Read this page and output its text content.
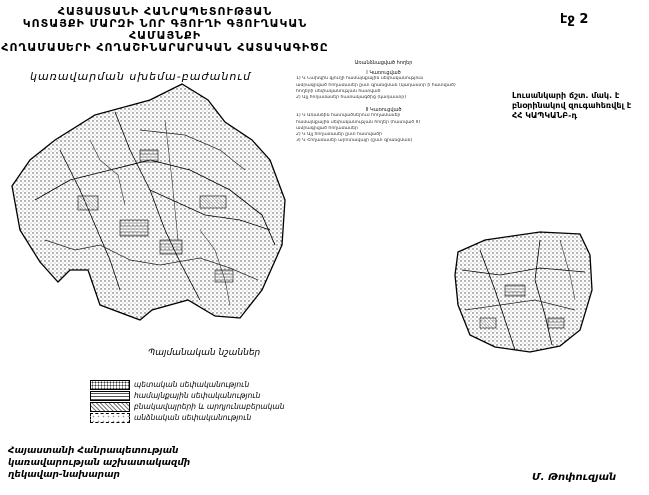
ՀԱՅԱՍՏԱՆԻ ՀԱՆՐԱՊԵՏՈՒԹՅԱՆ
ԿՈՏԱՅՔԻ ՄԱՐԶԻ ՆՈՐ ԳՅՈՒՂԻ ԳՅՈՒՂԱԿԱՆ ՀԱՄԱՅՆՔԻ
ՀՈՂԱՄԱՍԵՐԻ ՀՈՂԱՇԻՆԱՐԱՐԱԿԱՆ ՀԱՏԱԿԱԳԻԾԸ
էջ 2
կառավարման սխեմա-բաժանում
Առանձնացված հողեր
I Կառուցված
1) Կ Նախկին գյուղի համայնքային սեփականություն
ամրագրված հողամասեր ըստ գրանցման (կադաստր ի հատված)
հողերի սեփականության հատված
2) Այլ հողամասեր հատակագծից (կադաստր)
II Կառուցված
1) Կ Առանձին հատվածներում հողամասեր
համայնքային սեփականության հողեր (հատված II)
ամրագրված հողամասեր
2) Կ Այլ հողամասեր ըստ հատվածի
3) Կ Հողամասեր արոտավայր (ըստ գրանցման)
Լուսանկարի ճշտ. մակ. է
բնօրինակով զուգահեռվել է
ՀՀ ԿԱՊԿԱՆԲ-դ
Պայմանական նշաններ
պետական սեփականություն
համայնքային սեփականություն
բնակավայրերի և արդյունաբերական
անձնական սեփականություն
Հայաստանի Հանրապետության
կառավարության աշխատակազմի
ղեկավար-նախարար	Մ. Թոփուզյան
